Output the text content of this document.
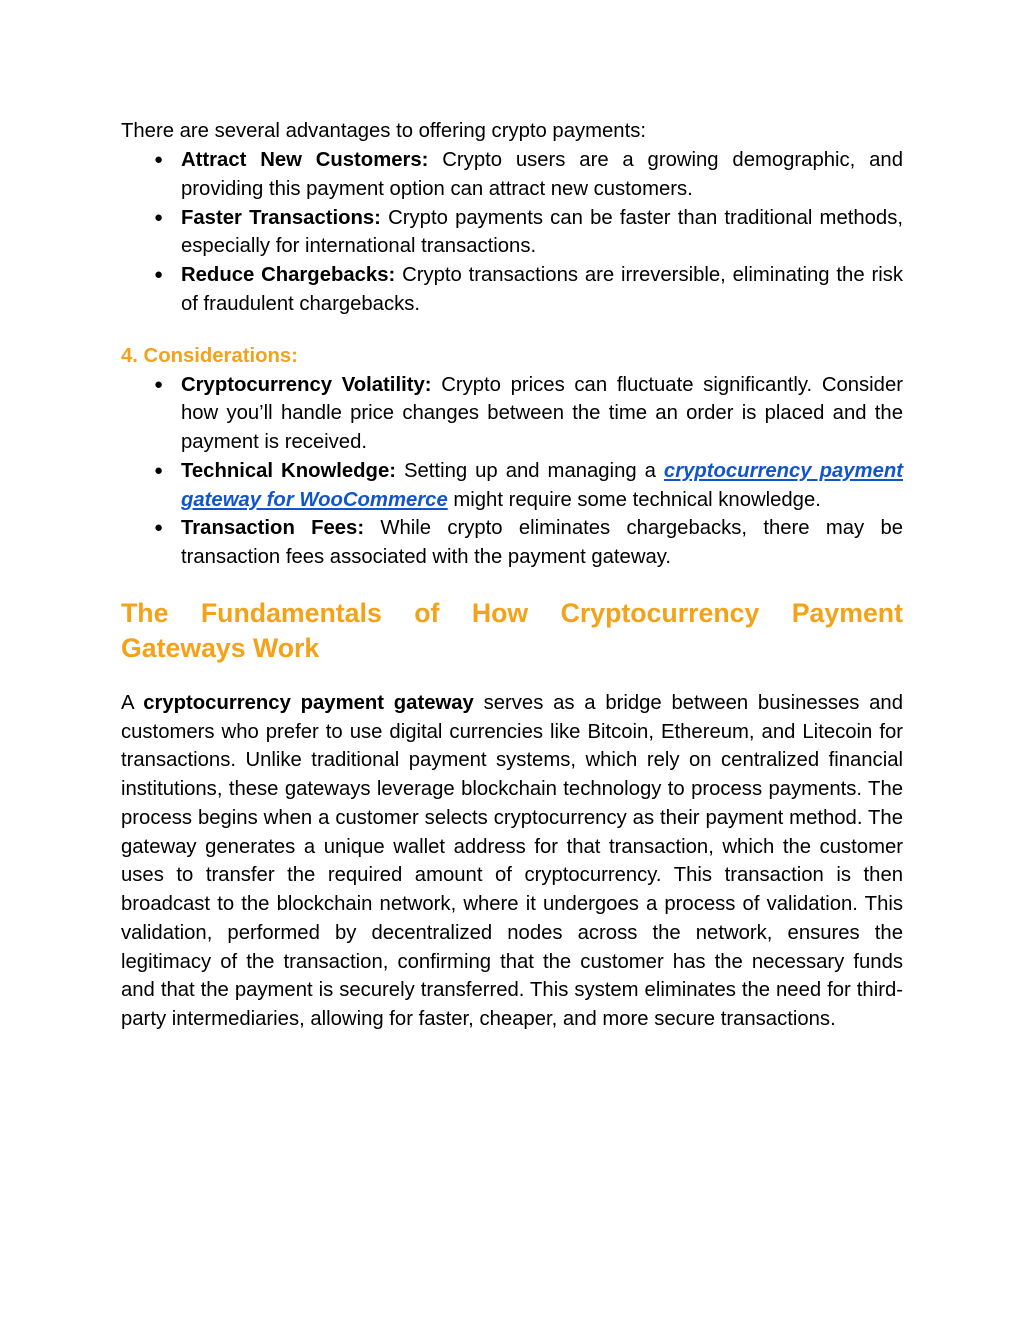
There are several advantages to offering crypto payments:

● Attract New Customers: Crypto users are a growing demographic, and providing this payment option can attract new customers.
● Faster Transactions: Crypto payments can be faster than traditional methods, especially for international transactions.
● Reduce Chargebacks: Crypto transactions are irreversible, eliminating the risk of fraudulent chargebacks.
4. Considerations:
● Cryptocurrency Volatility: Crypto prices can fluctuate significantly. Consider how you’ll handle price changes between the time an order is placed and the payment is received.
● Technical Knowledge: Setting up and managing a cryptocurrency payment gateway for WooCommerce might require some technical knowledge.
● Transaction Fees: While crypto eliminates chargebacks, there may be transaction fees associated with the payment gateway.
The Fundamentals of How Cryptocurrency Payment Gateways Work

A cryptocurrency payment gateway serves as a bridge between businesses and customers who prefer to use digital currencies like Bitcoin, Ethereum, and Litecoin for transactions. Unlike traditional payment systems, which rely on centralized financial institutions, these gateways leverage blockchain technology to process payments. The process begins when a customer selects cryptocurrency as their payment method. The gateway generates a unique wallet address for that transaction, which the customer uses to transfer the required amount of cryptocurrency. This transaction is then broadcast to the blockchain network, where it undergoes a process of validation. This validation, performed by decentralized nodes across the network, ensures the legitimacy of the transaction, confirming that the customer has the necessary funds and that the payment is securely transferred. This system eliminates the need for third-party intermediaries, allowing for faster, cheaper, and more secure transactions.
